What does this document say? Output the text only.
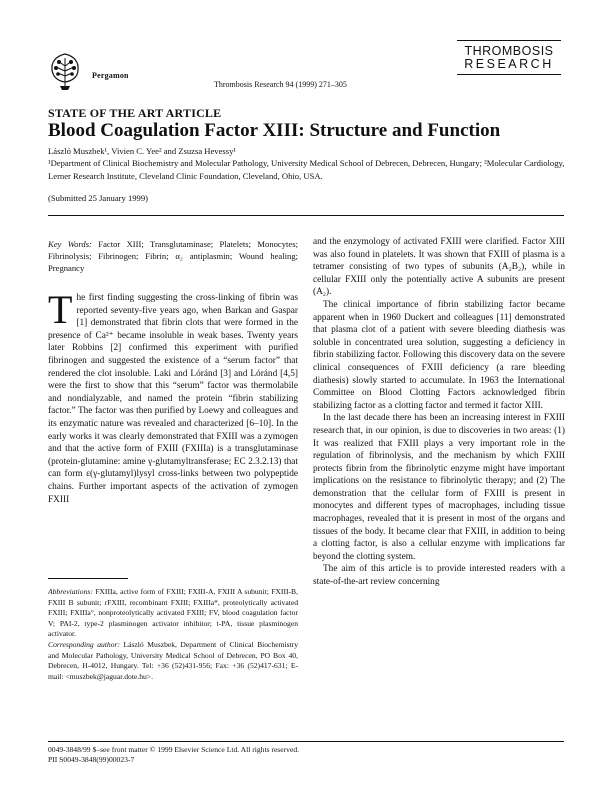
Pergamon
Thrombosis Research 94 (1999) 271–305
THROMBOSIS
RESEARCH
STATE OF THE ART ARTICLE
Blood Coagulation Factor XIII: Structure and Function
László Muszbek¹, Vivien C. Yee² and Zsuzsa Hevessy¹
¹Department of Clinical Biochemistry and Molecular Pathology, University Medical School of Debrecen, Debrecen, Hungary; ²Molecular Cardiology, Lerner Research Institute, Cleveland Clinic Foundation, Cleveland, Ohio, USA.
(Submitted 25 January 1999)
Key Words: Factor XIII; Transglutaminase; Platelets; Monocytes; Fibrinolysis; Fibrinogen; Fibrin; α₂ antiplasmin; Wound healing; Pregnancy

The first finding suggesting the cross-linking of fibrin was reported seventy-five years ago, when Barkan and Gaspar [1] demonstrated that fibrin clots that were formed in the presence of Ca²⁺ became insoluble in weak bases. Twenty years later Robbins [2] confirmed this experiment with purified fibrinogen and suggested the existence of a “serum factor” that rendered the clot insoluble. Laki and Lóránd [3] and Lóránd [4,5] were the first to show that this “serum” factor was thermolabile and nondialyzable, and named the protein “fibrin stabilizing factor.” The factor was then purified by Loewy and colleagues and its enzymatic nature was revealed and characterized [6–10]. In the early works it was clearly demonstrated that FXIII was a zymogen and that the active form of FXIII (FXIIIa) is a transglutaminase (protein-glutamine: amine γ-glutamyltransferase; EC 2.3.2.13) that can form ε(γ-glutamyl)lysyl cross-links between two polypeptide chains. Further important aspects of the activation of zymogen FXIII

Abbreviations: FXIIIa, active form of FXIII; FXIII-A, FXIII A subunit; FXIII-B, FXIII B subunit; rFXIII, recombinant FXIII; FXIIIa*, proteolytically activated FXIII; FXIIIa°, nonproteolytically activated FXIII; FV, blood coagulation factor V; PAI-2, type-2 plasminogen activator inhibitor; t-PA, tissue plasminogen activator.

Corresponding author: László Muszbek, Department of Clinical Biochemistry and Molecular Pathology, University Medical School of Debrecen, PO Box 40, Debrecen, H-4012, Hungary. Tel: +36 (52)431-956; Fax: +36 (52)417-631; E-mail: <muszbek@jaguar.dote.hu>.

and the enzymology of activated FXIII were clarified. Factor XIII was also found in platelets. It was shown that FXIII of plasma is a tetramer consisting of two types of subunits (A₂B₂), while in cellular FXIII only the potentially active A subunits are present (A₂).

The clinical importance of fibrin stabilizing factor became apparent when in 1960 Duckert and colleagues [11] demonstrated that plasma clot of a patient with severe bleeding diathesis was soluble in concentrated urea solution, suggesting a deficiency in fibrin stabilizing factor. Following this discovery data on the severe clinical consequences of FXIII deficiency (a rare bleeding diathesis) slowly started to accumulate. In 1963 the International Committee on Blood Clotting Factors acknowledged fibrin stabilizing factor as a clotting factor and termed it factor XIII.

In the last decade there has been an increasing interest in FXIII research that, in our opinion, is due to discoveries in two areas: (1) It was realized that FXIII plays a very important role in the regulation of fibrinolysis, and the mechanism by which FXIII protects fibrin from the fibrinolytic enzyme might have important implications on the resistance to fibrinolytic therapy; and (2) The demonstration that the cellular form of FXIII is present in monocytes and different types of macrophages, including tissue macrophages, revealed that it is present in most of the organs and tissues of the body. It became clear that FXIII, in addition to being a clotting factor, is also a cellular enzyme with implications far beyond the clotting system.

The aim of this article is to provide interested readers with a state-of-the-art review concerning

0049-3848/99 $–see front matter © 1999 Elsevier Science Ltd. All rights reserved.
PII S0049-3848(99)00023-7
